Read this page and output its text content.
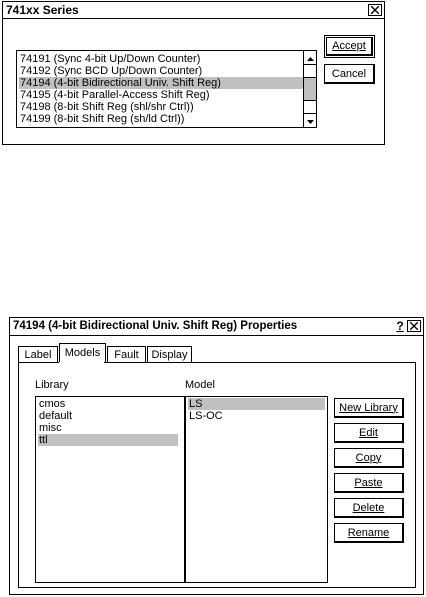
741xx Series
74191 (Sync 4-bit Up/Down Counter)
74192 (Sync BCD Up/Down Counter)
74194 (4-bit Bidirectional Univ. Shift Reg)
74195 (4-bit Parallel-Access Shift Reg)
74198 (8-bit Shift Reg (shl/shr Ctrl))
74199 (8-bit Shift Reg (sh/ld Ctrl))
Accept
Cancel
74194 (4-bit Bidirectional Univ. Shift Reg) Properties	?
Label Models Fault Display
Library
cmos
default
misc
ttl
Model
LS
LS-OC
New Library
Edit
Copy
Paste
Delete
Rename
